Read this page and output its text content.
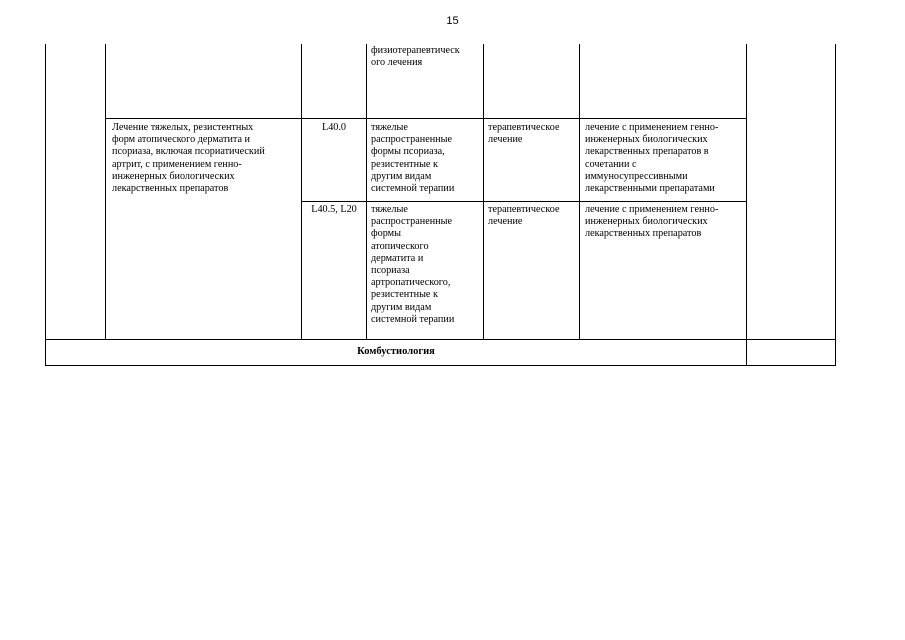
15
физиотерапевтическ
ого лечения
Лечение тяжелых, резистентных
форм атопического дерматита и
псориаза, включая псориатический
артрит, с применением генно-
инженерных биологических
лекарственных препаратов
L40.0	тяжелые
распространенные
формы псориаза,
резистентные к
другим видам
системной терапии
терапевтическое
лечение
лечение с применением генно-
инженерных биологических
лекарственных препаратов в
сочетании с
иммуносупрессивными
лекарственными препаратами
L40.5, L20	тяжелые
распространенные
формы
атопического
дерматита и
псориаза
артропатического,
резистентные к
другим видам
системной терапии
терапевтическое
лечение
лечение с применением генно-
инженерных биологических
лекарственных препаратов
Комбустиология
